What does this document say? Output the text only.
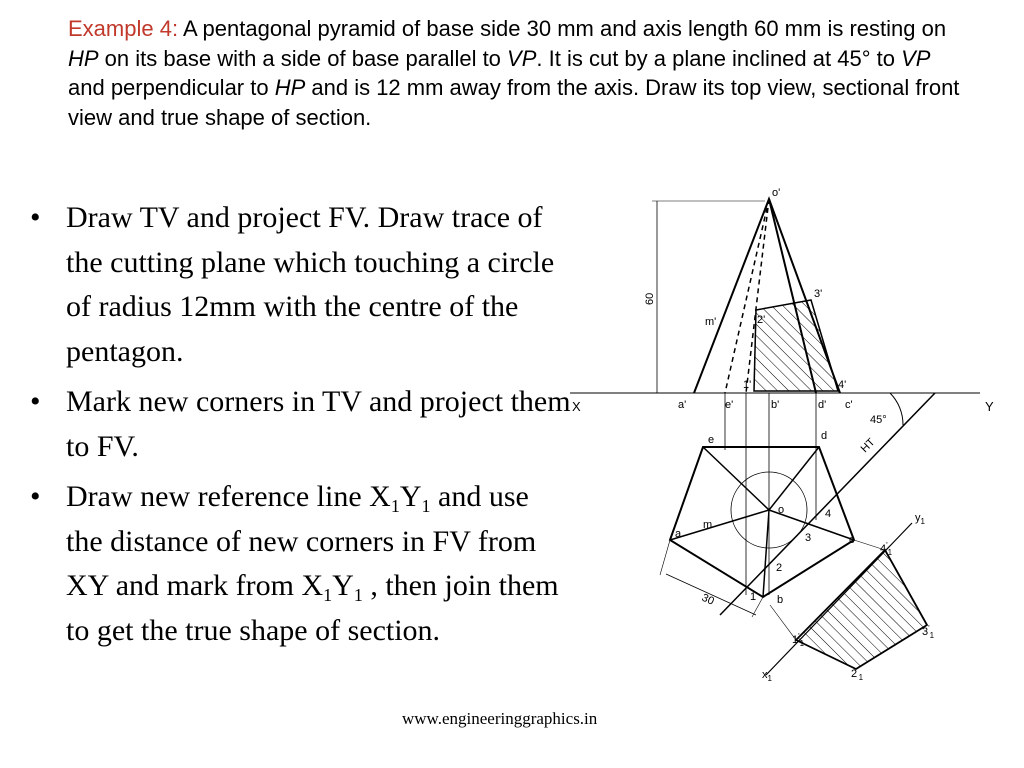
Example 4: A pentagonal pyramid of base side 30 mm and axis length 60 mm is resting on HP on its base with a side of base parallel to VP. It is cut by a plane inclined at 45° to VP and perpendicular to HP and is 12 mm away from the axis. Draw its top view, sectional front view and true shape of section.
• Draw TV and project FV. Draw trace of the cutting plane which touching a circle of radius 12mm with the centre of the pentagon.
• Mark new corners in TV and project them to FV.
• Draw new reference line $X_1Y_1$ and use the distance of new corners in FV from XY and mark from $X_1Y_1$ , then join them to get the true shape of section.
www.engineeringgraphics.in
o'
60
m'	2'
3'
1'	4'
X	Y
a'	e'	b'	d' c'
45°
HT
e	d
o
a
m
3
4
c
2
1 b
30
$y_1$
$4'_1$
$3'_1$
$1'_1$
$2'_1$
$x_1$
